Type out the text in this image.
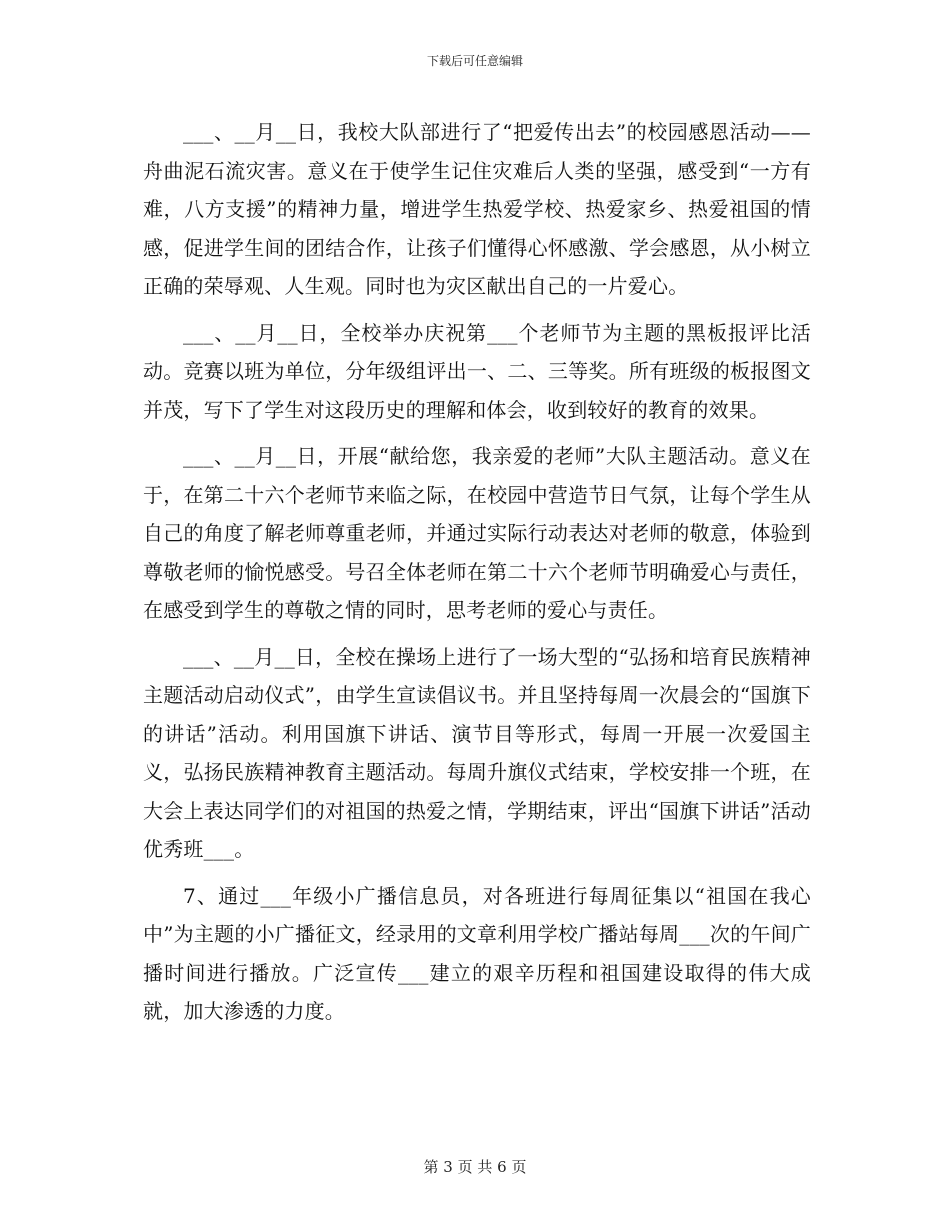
下载后可任意编辑

___、__月__日，我校大队部进行了“把爱传出去”的校园感恩活动——舟曲泥石流灾害。意义在于使学生记住灾难后人类的坚强，感受到“一方有难，八方支援”的精神力量，增进学生热爱学校、热爱家乡、热爱祖国的情感，促进学生间的团结合作，让孩子们懂得心怀感激、学会感恩，从小树立正确的荣辱观、人生观。同时也为灾区献出自己的一片爱心。

___、__月__日，全校举办庆祝第___个老师节为主题的黑板报评比活动。竞赛以班为单位，分年级组评出一、二、三等奖。所有班级的板报图文并茂，写下了学生对这段历史的理解和体会，收到较好的教育的效果。

___、__月__日，开展“献给您，我亲爱的老师”大队主题活动。意义在于，在第二十六个老师节来临之际，在校园中营造节日气氛，让每个学生从自己的角度了解老师尊重老师，并通过实际行动表达对老师的敬意，体验到尊敬老师的愉悦感受。号召全体老师在第二十六个老师节明确爱心与责任，在感受到学生的尊敬之情的同时，思考老师的爱心与责任。

___、__月__日，全校在操场上进行了一场大型的“弘扬和培育民族精神主题活动启动仪式”，由学生宣读倡议书。并且坚持每周一次晨会的“国旗下的讲话”活动。利用国旗下讲话、演节目等形式，每周一开展一次爱国主义，弘扬民族精神教育主题活动。每周升旗仪式结束，学校安排一个班，在大会上表达同学们的对祖国的热爱之情，学期结束，评出“国旗下讲话”活动优秀班___。

7、通过___年级小广播信息员，对各班进行每周征集以“祖国在我心中”为主题的小广播征文，经录用的文章利用学校广播站每周___次的午间广播时间进行播放。广泛宣传___建立的艰辛历程和祖国建设取得的伟大成就，加大渗透的力度。

第 3 页 共 6 页
